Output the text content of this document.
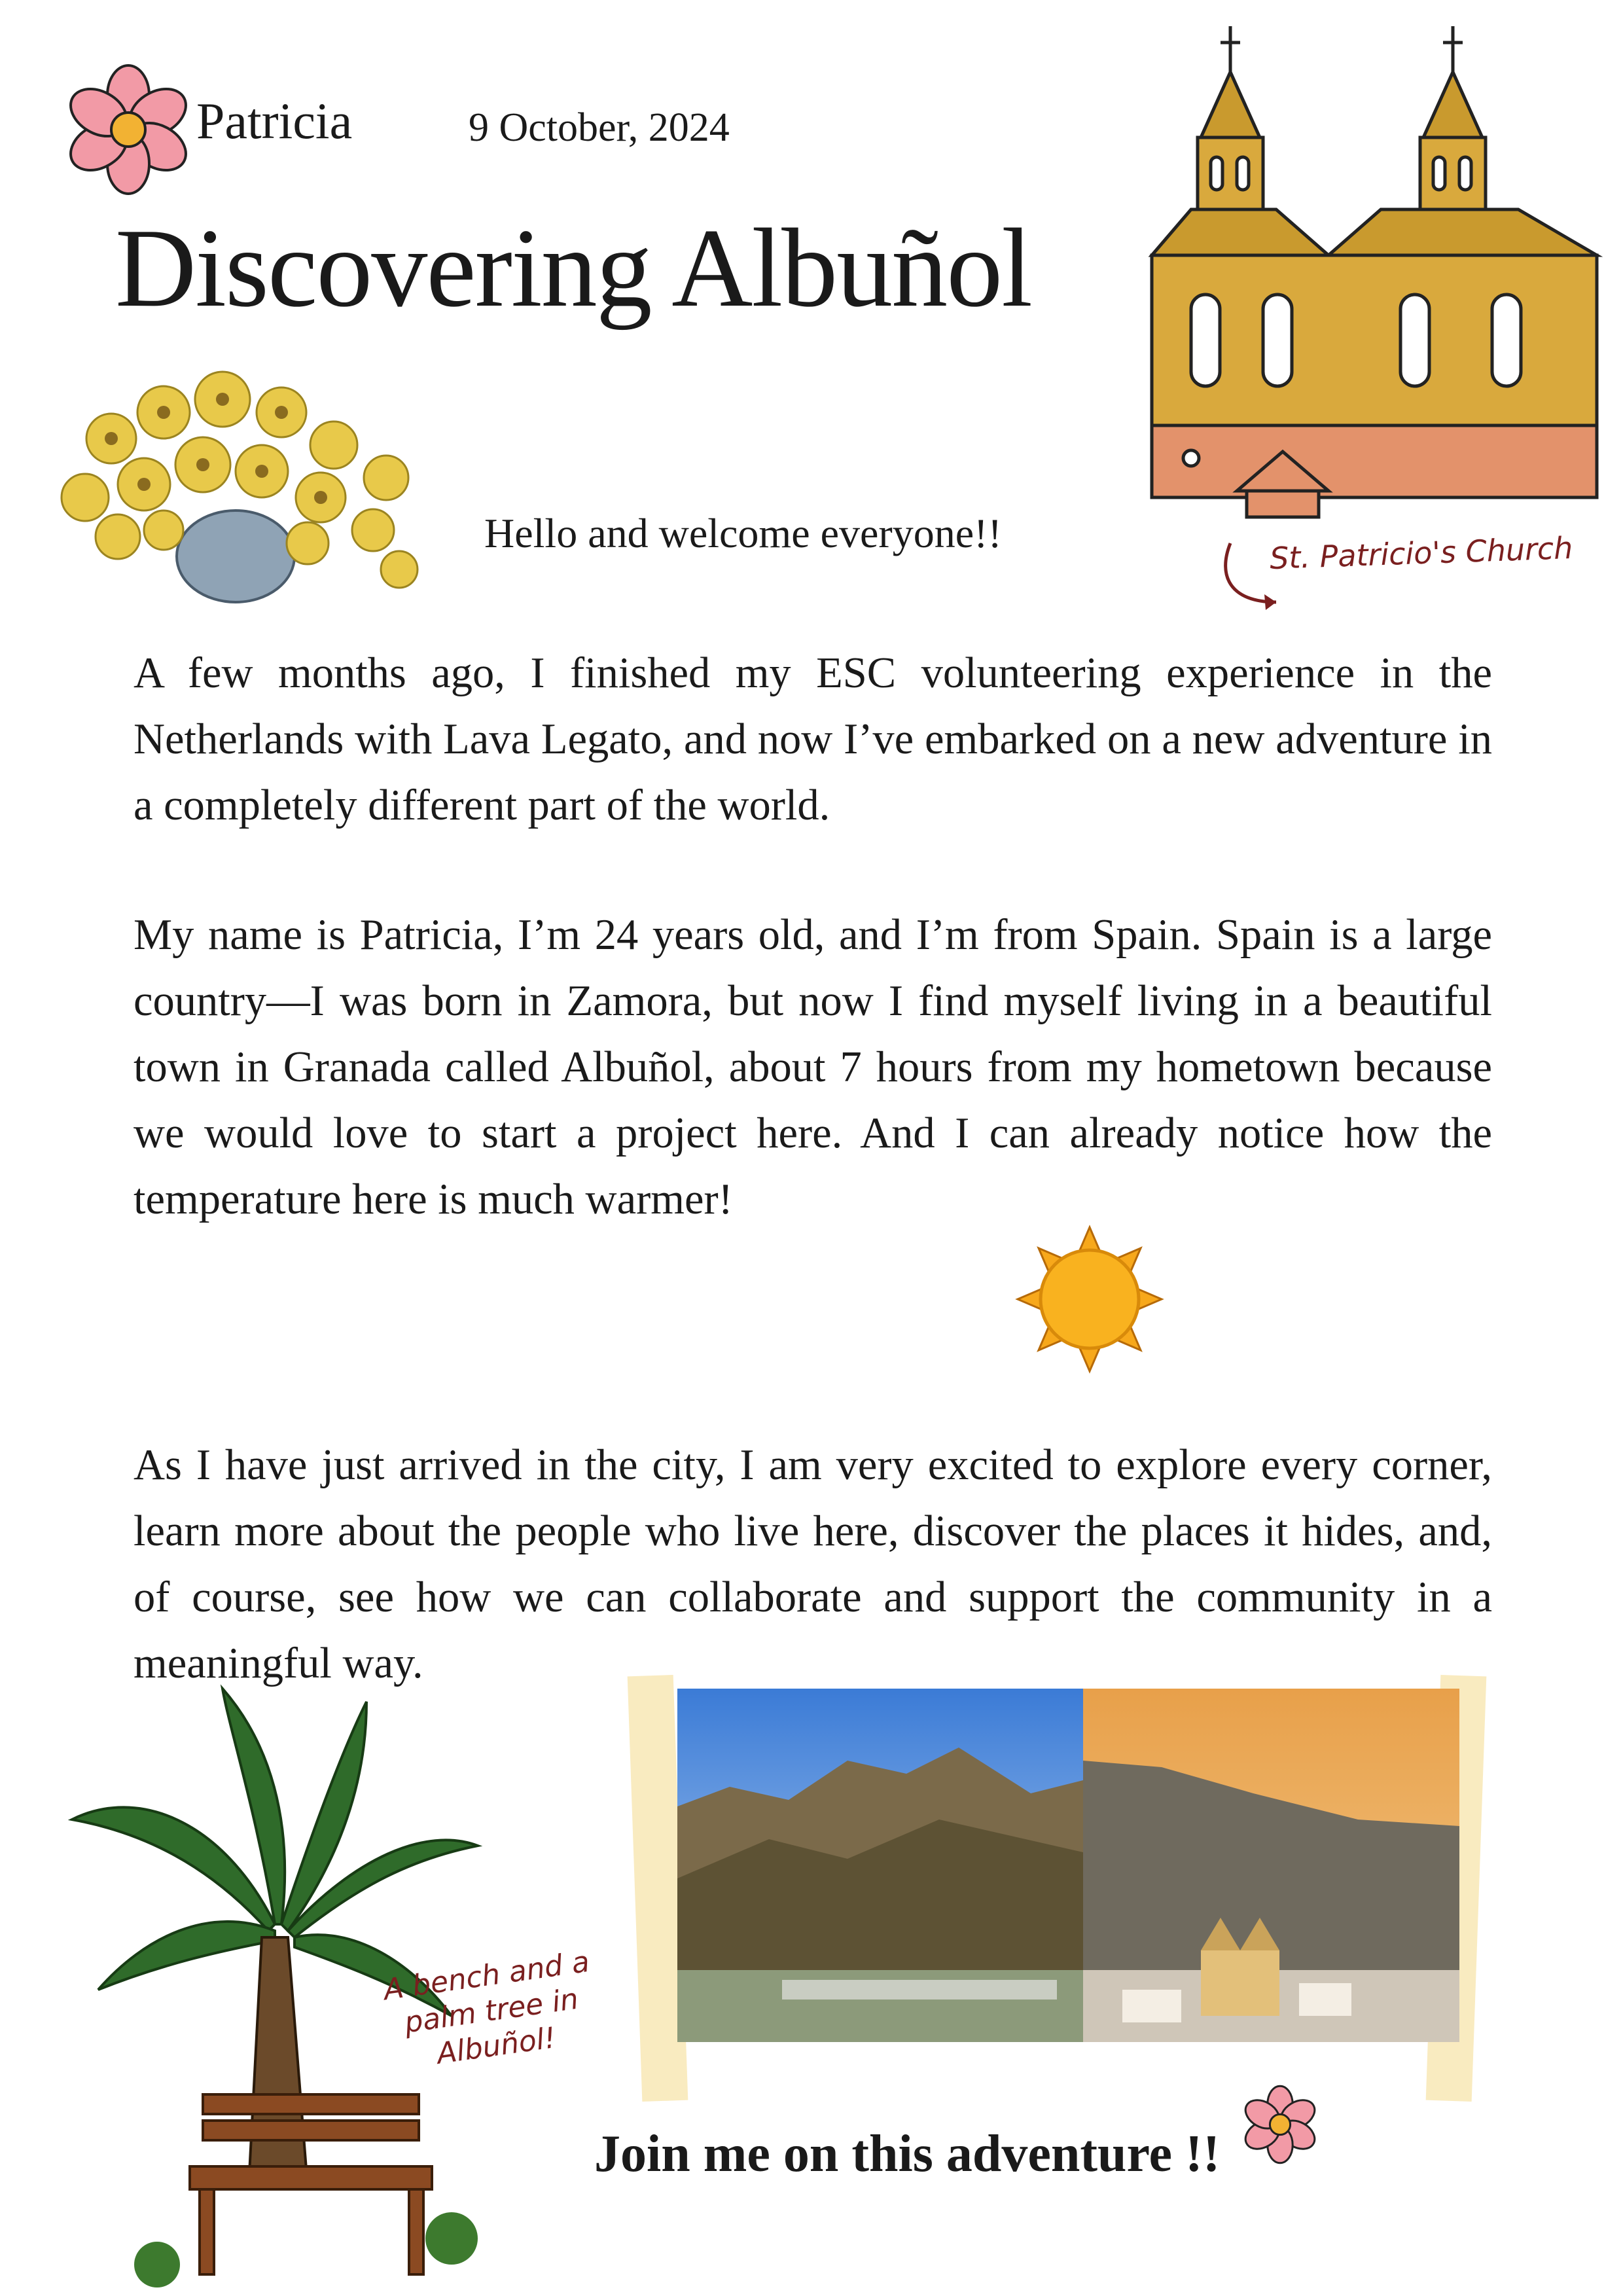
Patricia	9 October, 2024
Discovering Albuñol
St. Patricio's Church
Hello and welcome everyone!!

A few months ago, I finished my ESC volunteering experience in the Netherlands with Lava Legato, and now I’ve embarked on a new adventure in a completely different part of the world.

My name is Patricia, I’m 24 years old, and I’m from Spain. Spain is a large country—I was born in Zamora, but now I find myself living in a beautiful town in Granada called Albuñol, about 7 hours from my hometown because we would love to start a project here. And I can already notice how the temperature here is much warmer!

As I have just arrived in the city, I am very excited to explore every corner, learn more about the people who live here, discover the places it hides, and, of course, see how we can collaborate and support the community in a meaningful way.

A bench and a palm tree in Albuñol!
Join me on this adventure !!
